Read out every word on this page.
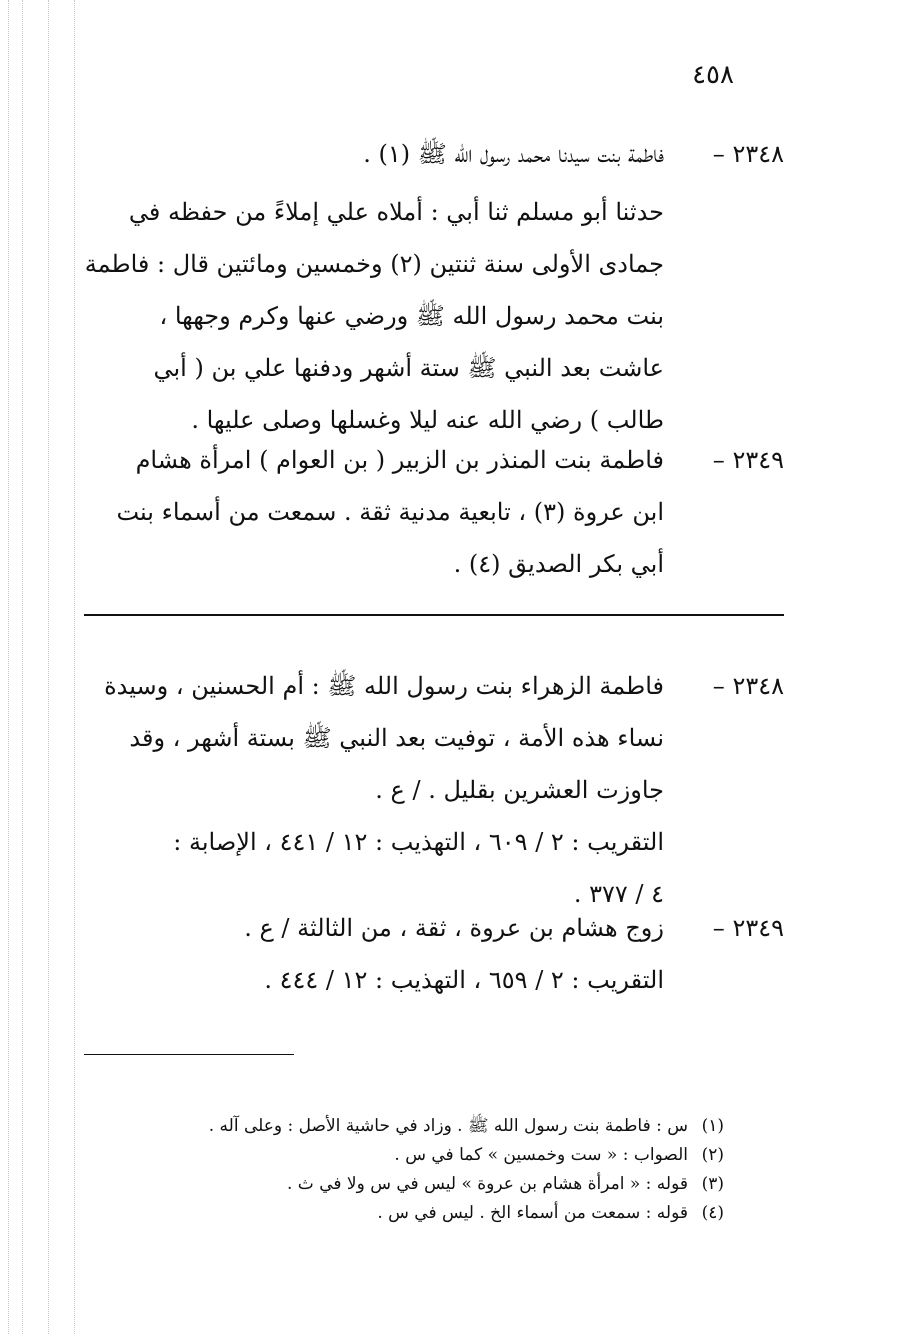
٤٥٨
٢٣٤٨ –
فاطمة بنت سيدنا محمد رسول الله ﷺ (١) .
حدثنا أبو مسلم ثنا أبي : أملاه علي إملاءً من حفظه في
جمادى الأولى سنة ثنتين (٢) وخمسين ومائتين قال : فاطمة
بنت محمد رسول الله ﷺ ورضي عنها وكرم وجهها ،
عاشت بعد النبي ﷺ ستة أشهر ودفنها علي بن ( أبي
طالب ) رضي الله عنه ليلا وغسلها وصلى عليها .
٢٣٤٩ –
فاطمة بنت المنذر بن الزبير ( بن العوام ) امرأة هشام
ابن عروة (٣) ، تابعية مدنية ثقة . سمعت من أسماء بنت
أبي بكر الصديق (٤) .
٢٣٤٨ –
فاطمة الزهراء بنت رسول الله ﷺ : أم الحسنين ، وسيدة
نساء هذه الأمة ، توفيت بعد النبي ﷺ بستة أشهر ، وقد
جاوزت العشرين بقليل . / ع .
التقريب : ٢ / ٦٠٩ ، التهذيب : ١٢ / ٤٤١ ، الإصابة :
٤ / ٣٧٧ .
٢٣٤٩ –
زوج هشام بن عروة ، ثقة ، من الثالثة / ع .
التقريب : ٢ / ٦٥٩ ، التهذيب : ١٢ / ٤٤٤ .
(١)
س : فاطمة بنت رسول الله ﷺ . وزاد في حاشية الأصل : وعلى آله .
(٢)
الصواب : « ست وخمسين » كما في س .
(٣)
قوله : « امرأة هشام بن عروة » ليس في س ولا في ث .
(٤)
قوله : سمعت من أسماء الخ . ليس في س .
